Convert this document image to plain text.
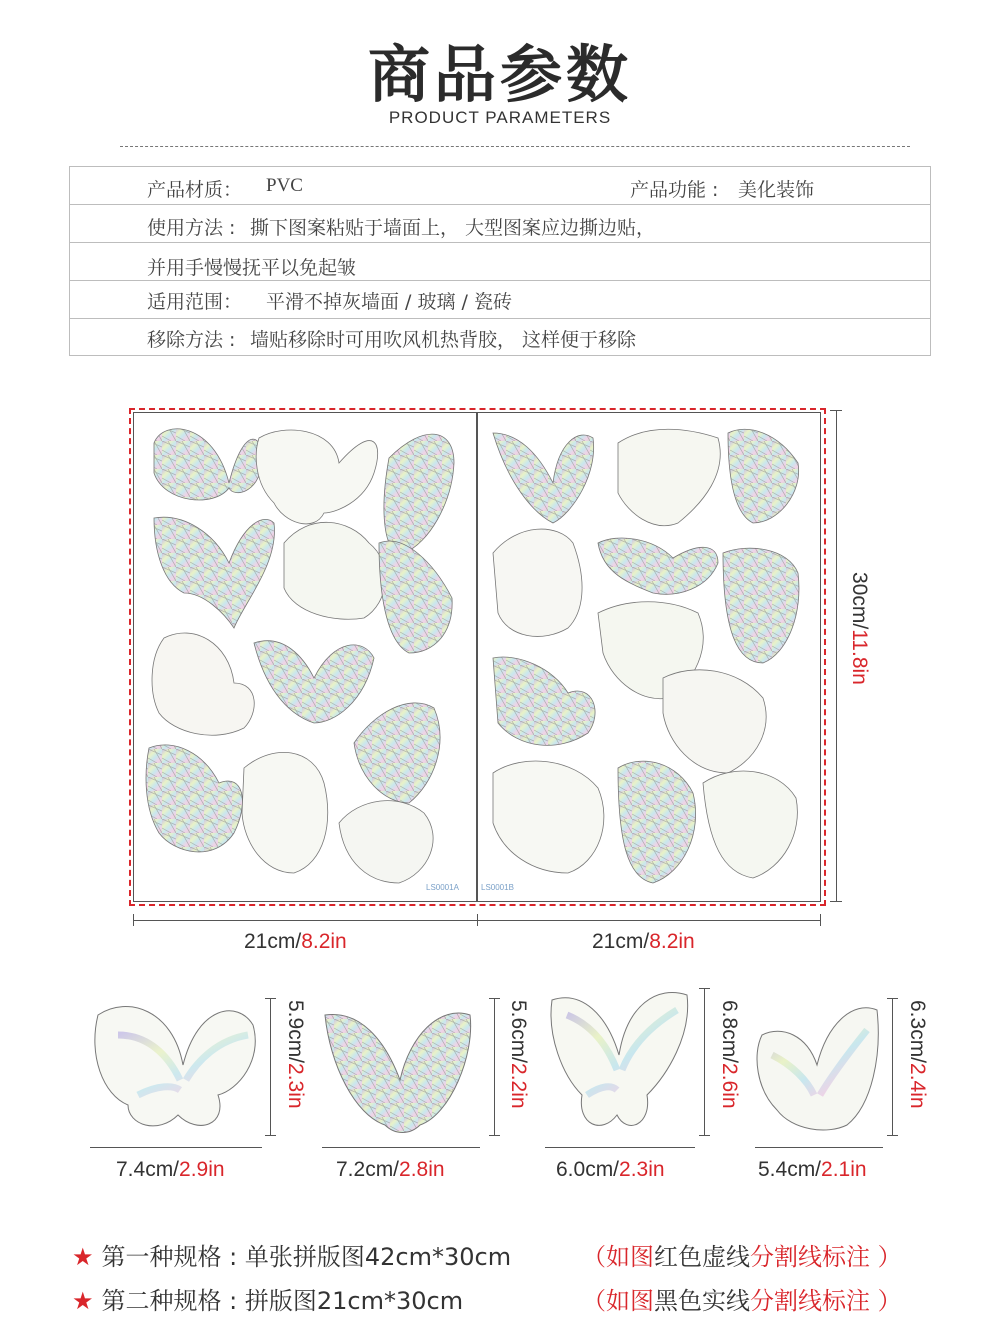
商品参数
PRODUCT PARAMETERS
产品材质： PVC	产品功能 : 美化装饰
使用方法 : 撕下图案粘贴于墙面上， 大型图案应边撕边贴，
并用手慢慢抚平以免起皱
适用范围： 平滑不掉灰墙面 / 玻璃 / 瓷砖
移除方法 : 墙贴移除时可用吹风机热背胶， 这样便于移除
LS0001A	LS0001B
30cm/11.8in
21cm/8.2in	21cm/8.2in
5.9cm/2.3in
5.6cm/2.2in
6.8cm/2.6in
6.3cm/2.4in
7.4cm/2.9in	7.2cm/2.8in	6.0cm/2.3in	5.4cm/2.1in
★ 第一种规格 : 单张拼版图42cm*30cm	（如图红色虚线分割线标注 ）
★ 第二种规格 : 拼版图21cm*30cm	（如图黑色实线分割线标注 ）
